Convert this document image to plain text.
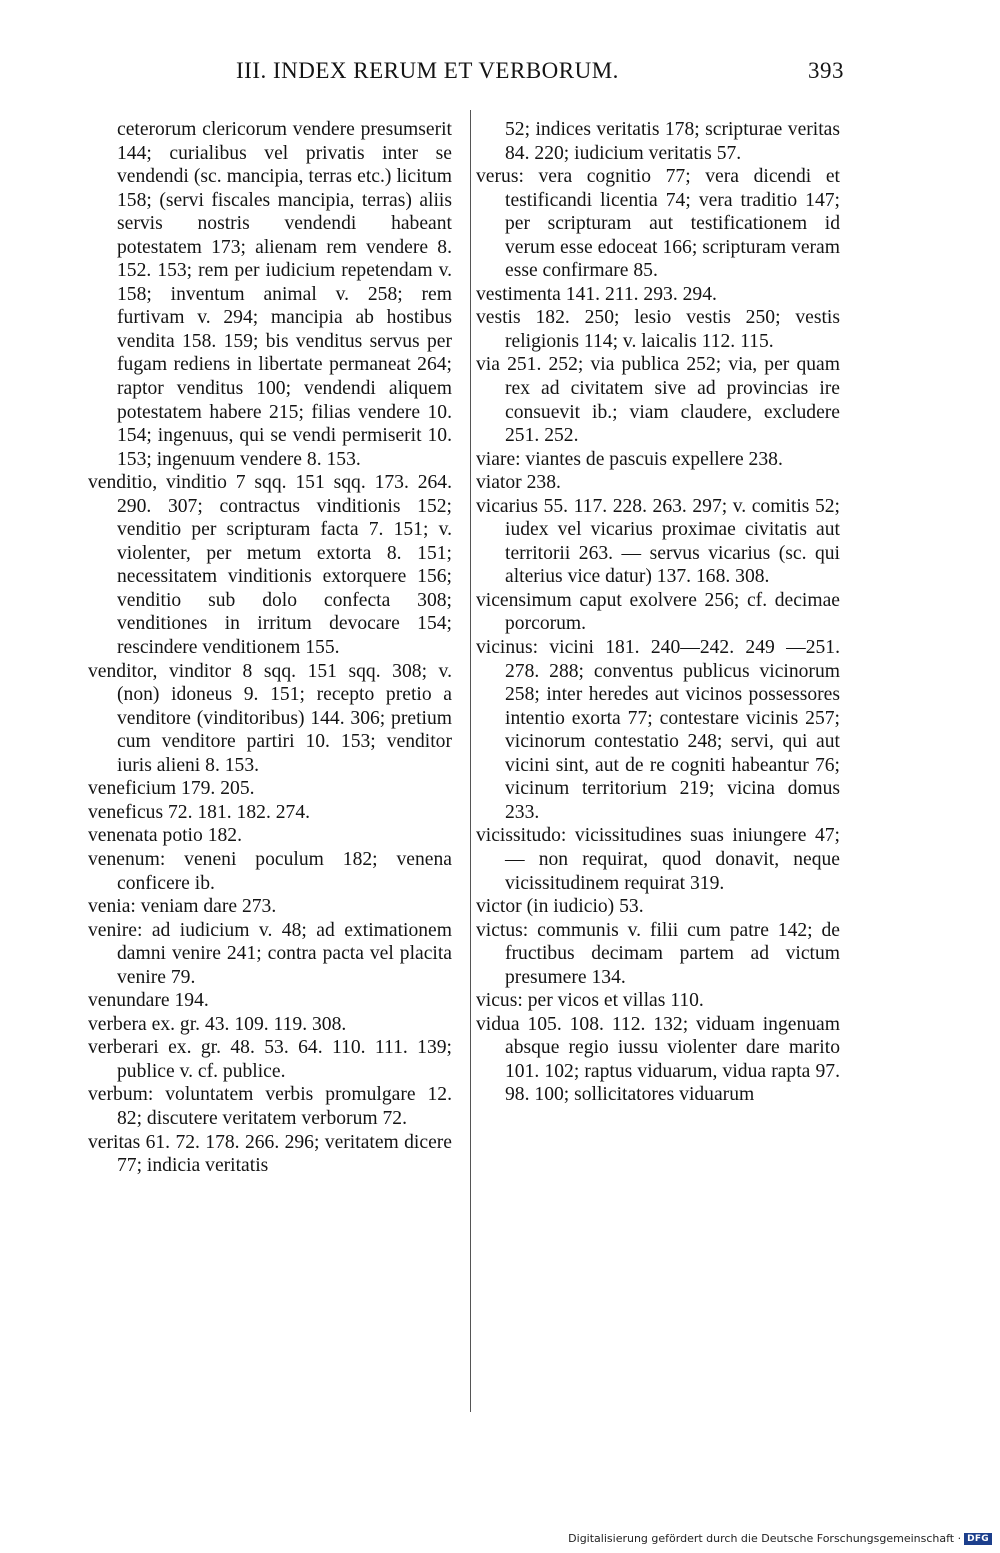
III. INDEX RERUM ET VERBORUM.	393
ceterorum clericorum vendere presumserit 144; curialibus vel privatis inter se vendendi (sc. mancipia, terras etc.) licitum 158; (servi fiscales mancipia, terras) aliis servis nostris vendendi habeant potestatem 173; alienam rem vendere 8. 152. 153; rem per iudicium repetendam v. 158; inventum animal v. 258; rem furtivam v. 294; mancipia ab hostibus vendita 158. 159; bis venditus servus per fugam rediens in libertate permaneat 264; raptor venditus 100; vendendi aliquem potestatem habere 215; filias vendere 10. 154; ingenuus, qui se vendi permiserit 10. 153; ingenuum vendere 8. 153.
venditio, vinditio 7 sqq. 151 sqq. 173. 264. 290. 307; contractus vinditionis 152; venditio per scripturam facta 7. 151; v. violenter, per metum extorta 8. 151; necessitatem vinditionis extorquere 156; venditio sub dolo confecta 308; venditiones in irritum devocare 154; rescindere venditionem 155.
venditor, vinditor 8 sqq. 151 sqq. 308; v. (non) idoneus 9. 151; recepto pretio a venditore (vinditoribus) 144. 306; pretium cum venditore partiri 10. 153; venditor iuris alieni 8. 153.
veneficium 179. 205.
veneficus 72. 181. 182. 274.
venenata potio 182.
venenum: veneni poculum 182; venena conficere ib.
venia: veniam dare 273.
venire: ad iudicium v. 48; ad extimationem damni venire 241; contra pacta vel placita venire 79.
venundare 194.
verbera ex. gr. 43. 109. 119. 308.
verberari ex. gr. 48. 53. 64. 110. 111. 139; publice v. cf. publice.
verbum: voluntatem verbis promulgare 12. 82; discutere veritatem verborum 72.
veritas 61. 72. 178. 266. 296; veritatem dicere 77; indicia veritatis
52; indices veritatis 178; scripturae veritas 84. 220; iudicium veritatis 57.
verus: vera cognitio 77; vera dicendi et testificandi licentia 74; vera traditio 147; per scripturam aut testificationem id verum esse edoceat 166; scripturam veram esse confirmare 85.
vestimenta 141. 211. 293. 294.
vestis 182. 250; lesio vestis 250; vestis religionis 114; v. laicalis 112. 115.
via 251. 252; via publica 252; via, per quam rex ad civitatem sive ad provincias ire consuevit ib.; viam claudere, excludere 251. 252.
viare: viantes de pascuis expellere 238.
viator 238.
vicarius 55. 117. 228. 263. 297; v. comitis 52; iudex vel vicarius proximae civitatis aut territorii 263. — servus vicarius (sc. qui alterius vice datur) 137. 168. 308.
vicensimum caput exolvere 256; cf. decimae porcorum.
vicinus: vicini 181. 240—242. 249 —251. 278. 288; conventus publicus vicinorum 258; inter heredes aut vicinos possessores intentio exorta 77; contestare vicinis 257; vicinorum contestatio 248; servi, qui aut vicini sint, aut de re cogniti habeantur 76; vicinum territorium 219; vicina domus 233.
vicissitudo: vicissitudines suas iniungere 47; — non requirat, quod donavit, neque vicissitudinem requirat 319.
victor (in iudicio) 53.
victus: communis v. filii cum patre 142; de fructibus decimam partem ad victum presumere 134.
vicus: per vicos et villas 110.
vidua 105. 108. 112. 132; viduam ingenuam absque regio iussu violenter dare marito 101. 102; raptus viduarum, vidua rapta 97. 98. 100; sollicitatores viduarum
Digitalisierung gefördert durch die Deutsche Forschungsgemeinschaft · DFG
